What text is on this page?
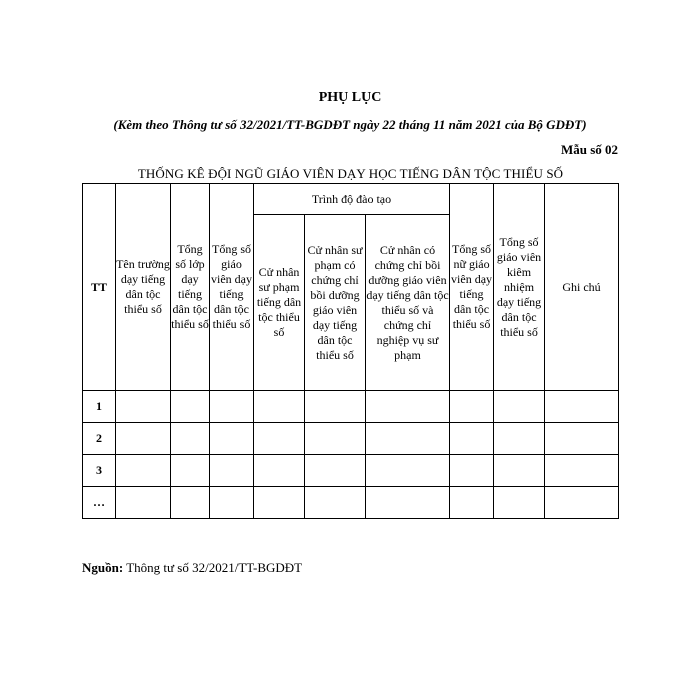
PHỤ LỤC
(Kèm theo Thông tư số 32/2021/TT-BGDĐT ngày 22 tháng 11 năm 2021 của Bộ GDĐT)
Mẫu số 02
THỐNG KÊ ĐỘI NGŨ GIÁO VIÊN DẠY HỌC TIẾNG DÂN TỘC THIỂU SỐ
TT	Tên trường dạy tiếng dân tộc thiểu số	Tổng số lớp dạy tiếng dân tộc thiểu số	Tổng số giáo viên dạy tiếng dân tộc thiểu số	Trình độ đào tạo			Tổng số nữ giáo viên dạy tiếng dân tộc thiểu số	Tổng số giáo viên kiêm nhiệm dạy tiếng dân tộc thiểu số	Ghi chú
				Cử nhân sư phạm tiếng dân tộc thiểu số	Cử nhân sư phạm có chứng chỉ bồi dưỡng giáo viên dạy tiếng dân tộc thiểu số	Cử nhân có chứng chỉ bồi dưỡng giáo viên dạy tiếng dân tộc thiểu số và chứng chỉ nghiệp vụ sư phạm			
1									
2									
3									
…									
Nguồn: Thông tư số 32/2021/TT-BGDĐT
